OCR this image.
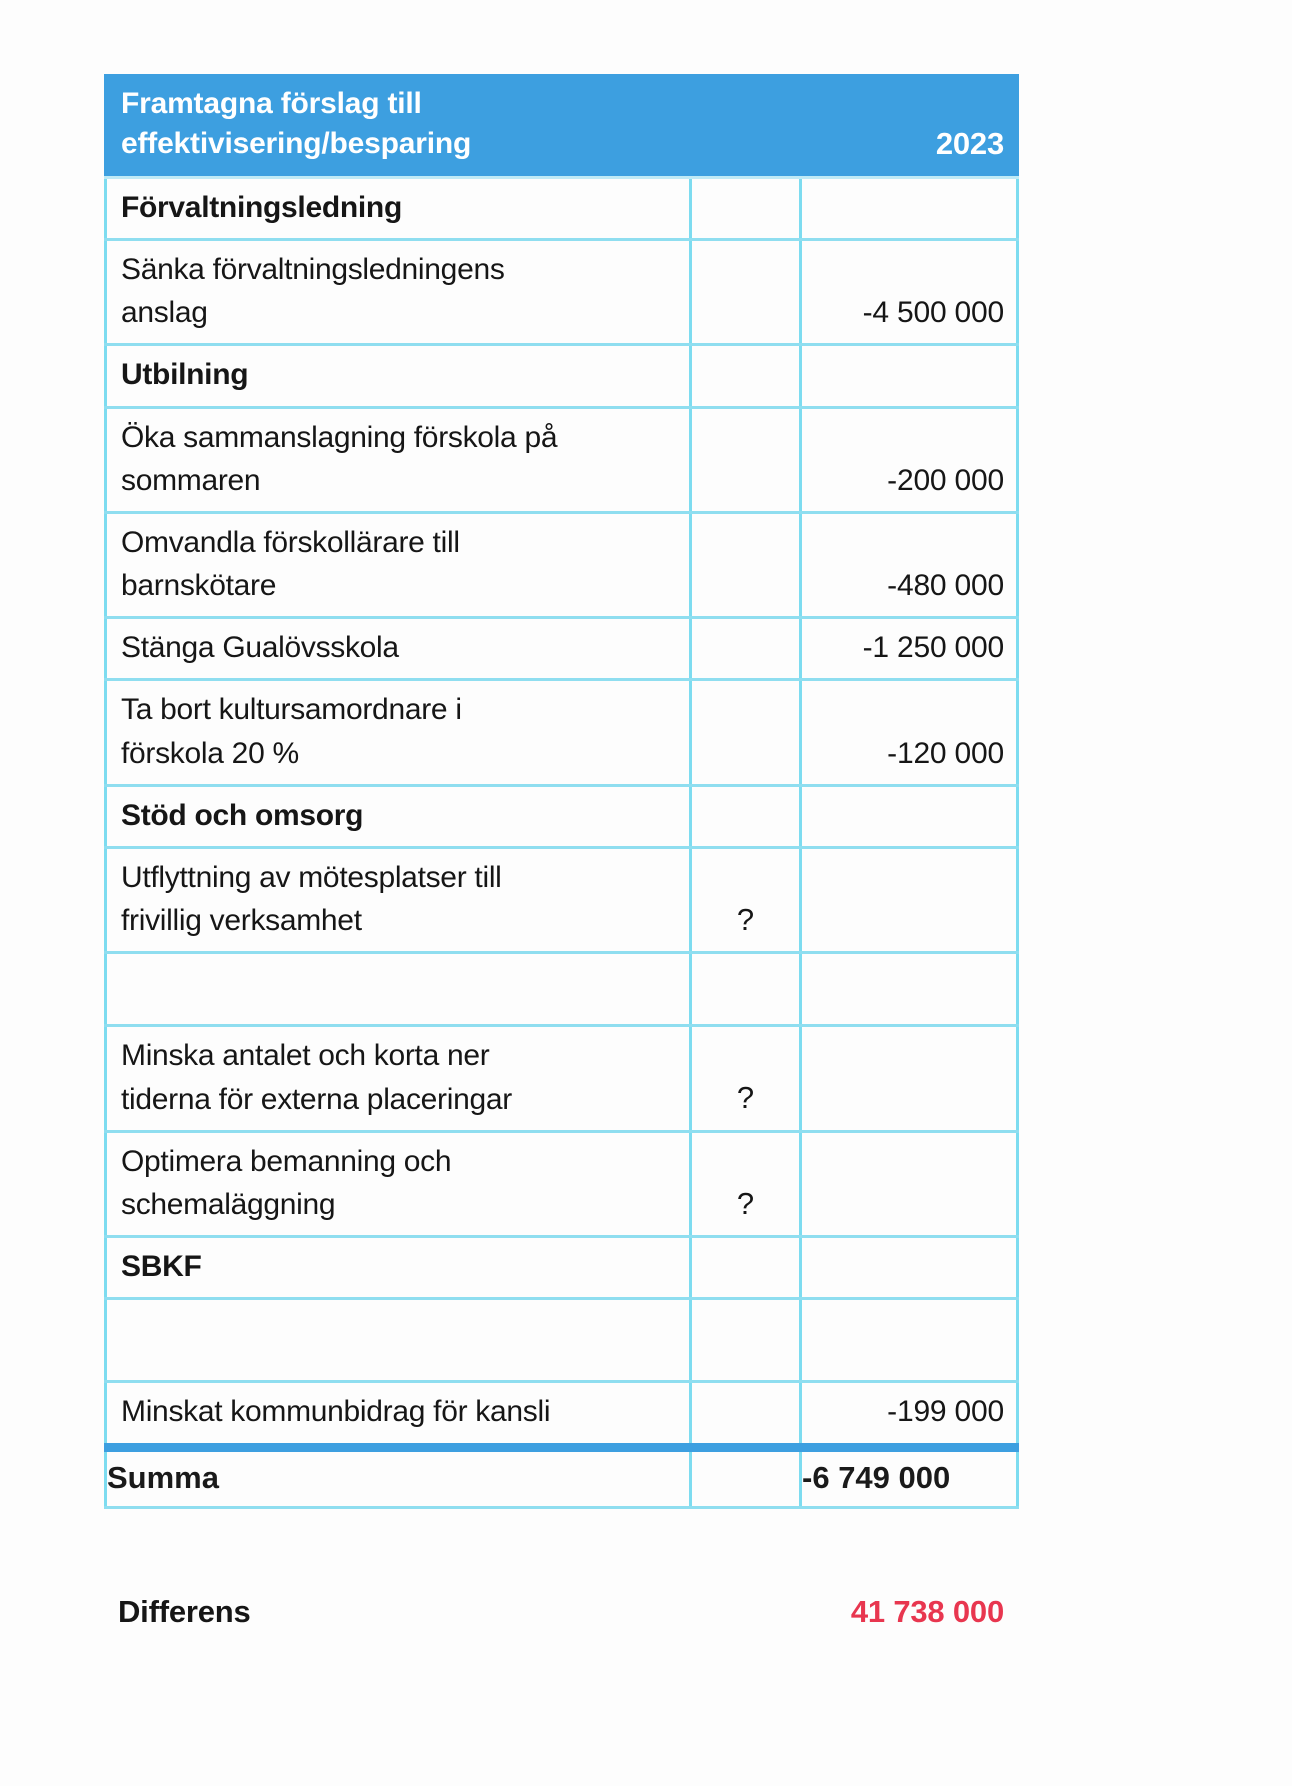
Framtagna förslag till
effektivisering/besparing		2023
Förvaltningsledning		

Sänka förvaltningsledningens
anslag		-4 500 000
Utbilning		

Öka sammanslagning förskola på
sommaren		-200 000

Omvandla förskollärare till
barnskötare		-480 000
Stänga Gualövsskola		-1 250 000

Ta bort kultursamordnare i
förskola 20 %		-120 000
Stöd och omsorg		

Utflyttning av mötesplatser till
frivillig verksamhet	?	

Minska antalet och korta ner
tiderna för externa placeringar	?	

Optimera bemanning och
schemaläggning	?	
SBKF		

Minskat kommunbidrag för kansli		-199 000
Summa		-6 749 000
Differens	41 738 000
